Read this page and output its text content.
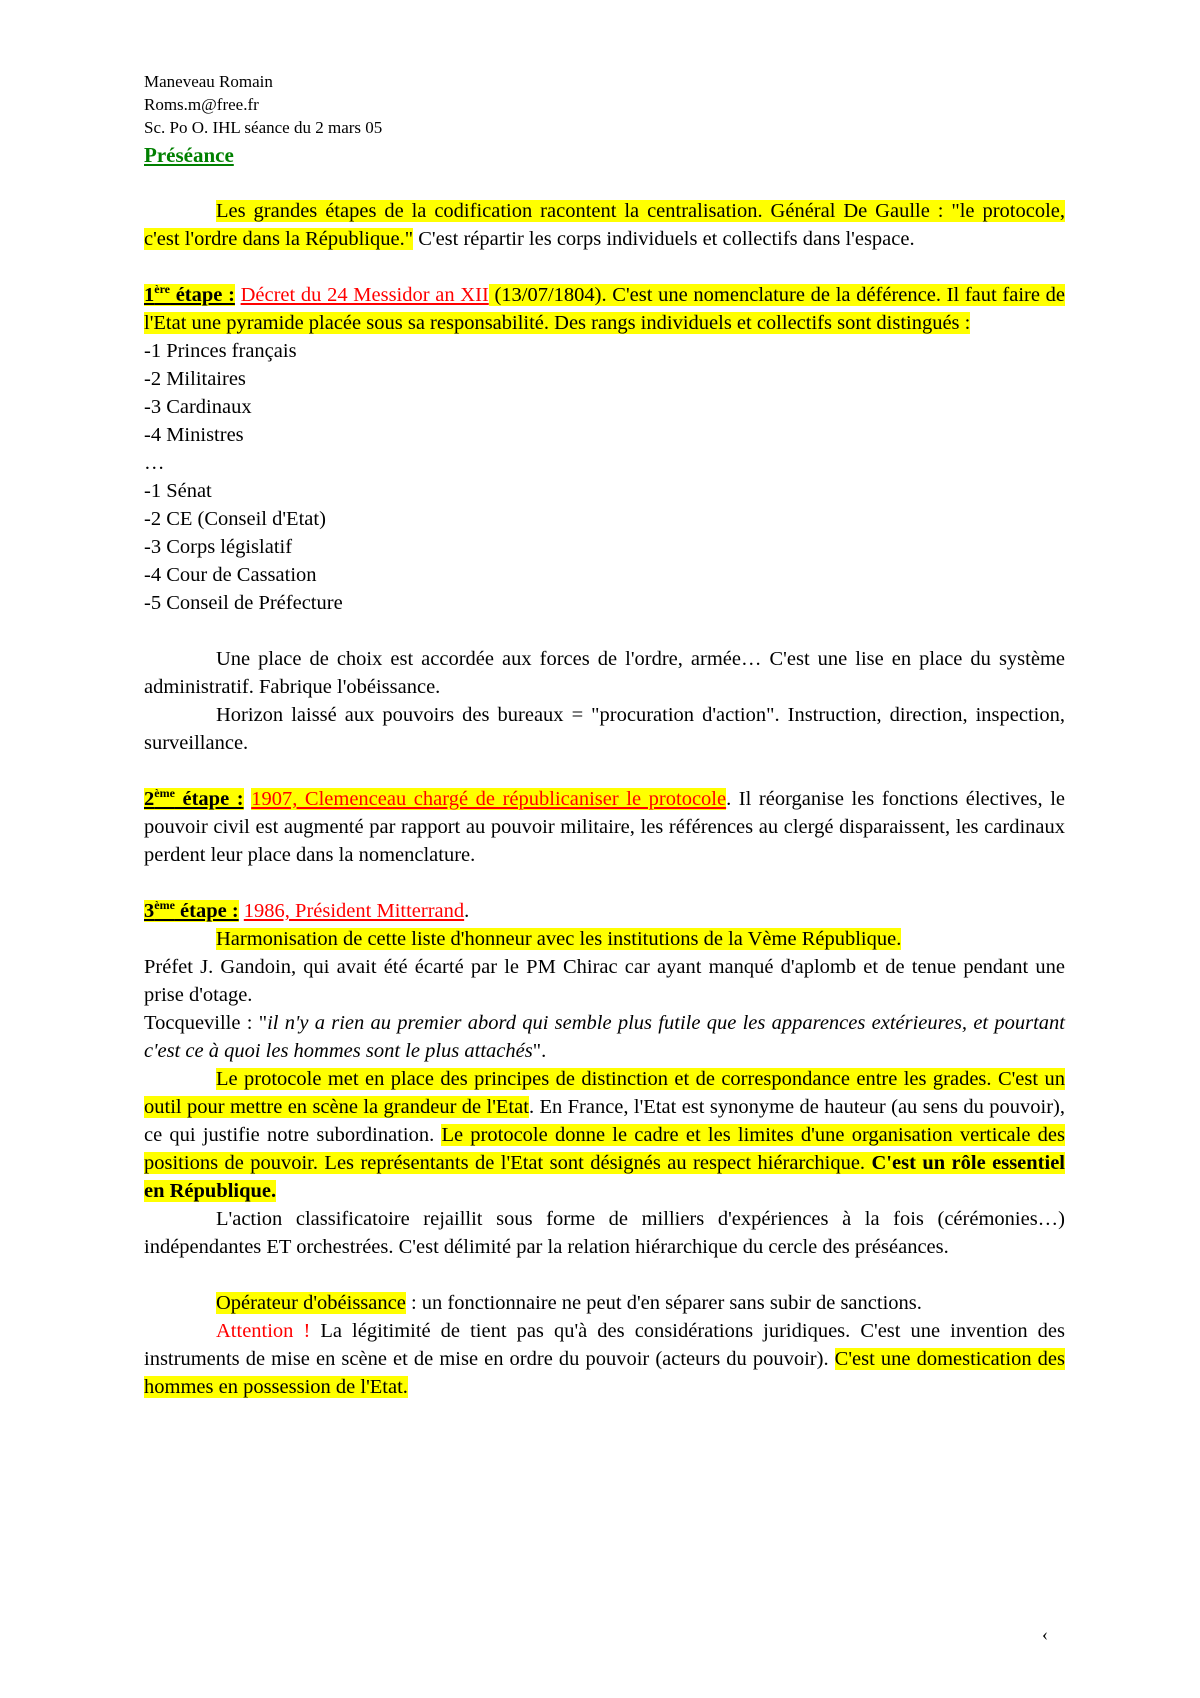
Maneveau Romain
Roms.m@free.fr
Sc. Po O. IHL séance du 2 mars 05
Préséance

Les grandes étapes de la codification racontent la centralisation. Général De Gaulle : "le protocole, c'est l'ordre dans la République." C'est répartir les corps individuels et collectifs dans l'espace.

1ère étape : Décret du 24 Messidor an XII (13/07/1804). C'est une nomenclature de la déférence. Il faut faire de l'Etat une pyramide placée sous sa responsabilité. Des rangs individuels et collectifs sont distingués :

-1 Princes français
-2 Militaires
-3 Cardinaux
-4 Ministres
…
-1 Sénat
-2 CE (Conseil d'Etat)
-3 Corps législatif
-4 Cour de Cassation
-5 Conseil de Préfecture

Une place de choix est accordée aux forces de l'ordre, armée… C'est une lise en place du système administratif. Fabrique l'obéissance.

Horizon laissé aux pouvoirs des bureaux = "procuration d'action". Instruction, direction, inspection, surveillance.

2ème étape : 1907, Clemenceau chargé de républicaniser le protocole. Il réorganise les fonctions électives, le pouvoir civil est augmenté par rapport au pouvoir militaire, les références au clergé disparaissent, les cardinaux perdent leur place dans la nomenclature.

3ème étape : 1986, Président Mitterrand.

Harmonisation de cette liste d'honneur avec les institutions de la Vème République.

Préfet J. Gandoin, qui avait été écarté par le PM Chirac car ayant manqué d'aplomb et de tenue pendant une prise d'otage.

Tocqueville : "il n'y a rien au premier abord qui semble plus futile que les apparences extérieures, et pourtant c'est ce à quoi les hommes sont le plus attachés".

Le protocole met en place des principes de distinction et de correspondance entre les grades. C'est un outil pour mettre en scène la grandeur de l'Etat. En France, l'Etat est synonyme de hauteur (au sens du pouvoir), ce qui justifie notre subordination. Le protocole donne le cadre et les limites d'une organisation verticale des positions de pouvoir. Les représentants de l'Etat sont désignés au respect hiérarchique. C'est un rôle essentiel en République.

L'action classificatoire rejaillit sous forme de milliers d'expériences à la fois (cérémonies…) indépendantes ET orchestrées. C'est délimité par la relation hiérarchique du cercle des préséances.

Opérateur d'obéissance : un fonctionnaire ne peut d'en séparer sans subir de sanctions.

Attention ! La légitimité de tient pas qu'à des considérations juridiques. C'est une invention des instruments de mise en scène et de mise en ordre du pouvoir (acteurs du pouvoir). C'est une domestication des hommes en possession de l'Etat.

‹
